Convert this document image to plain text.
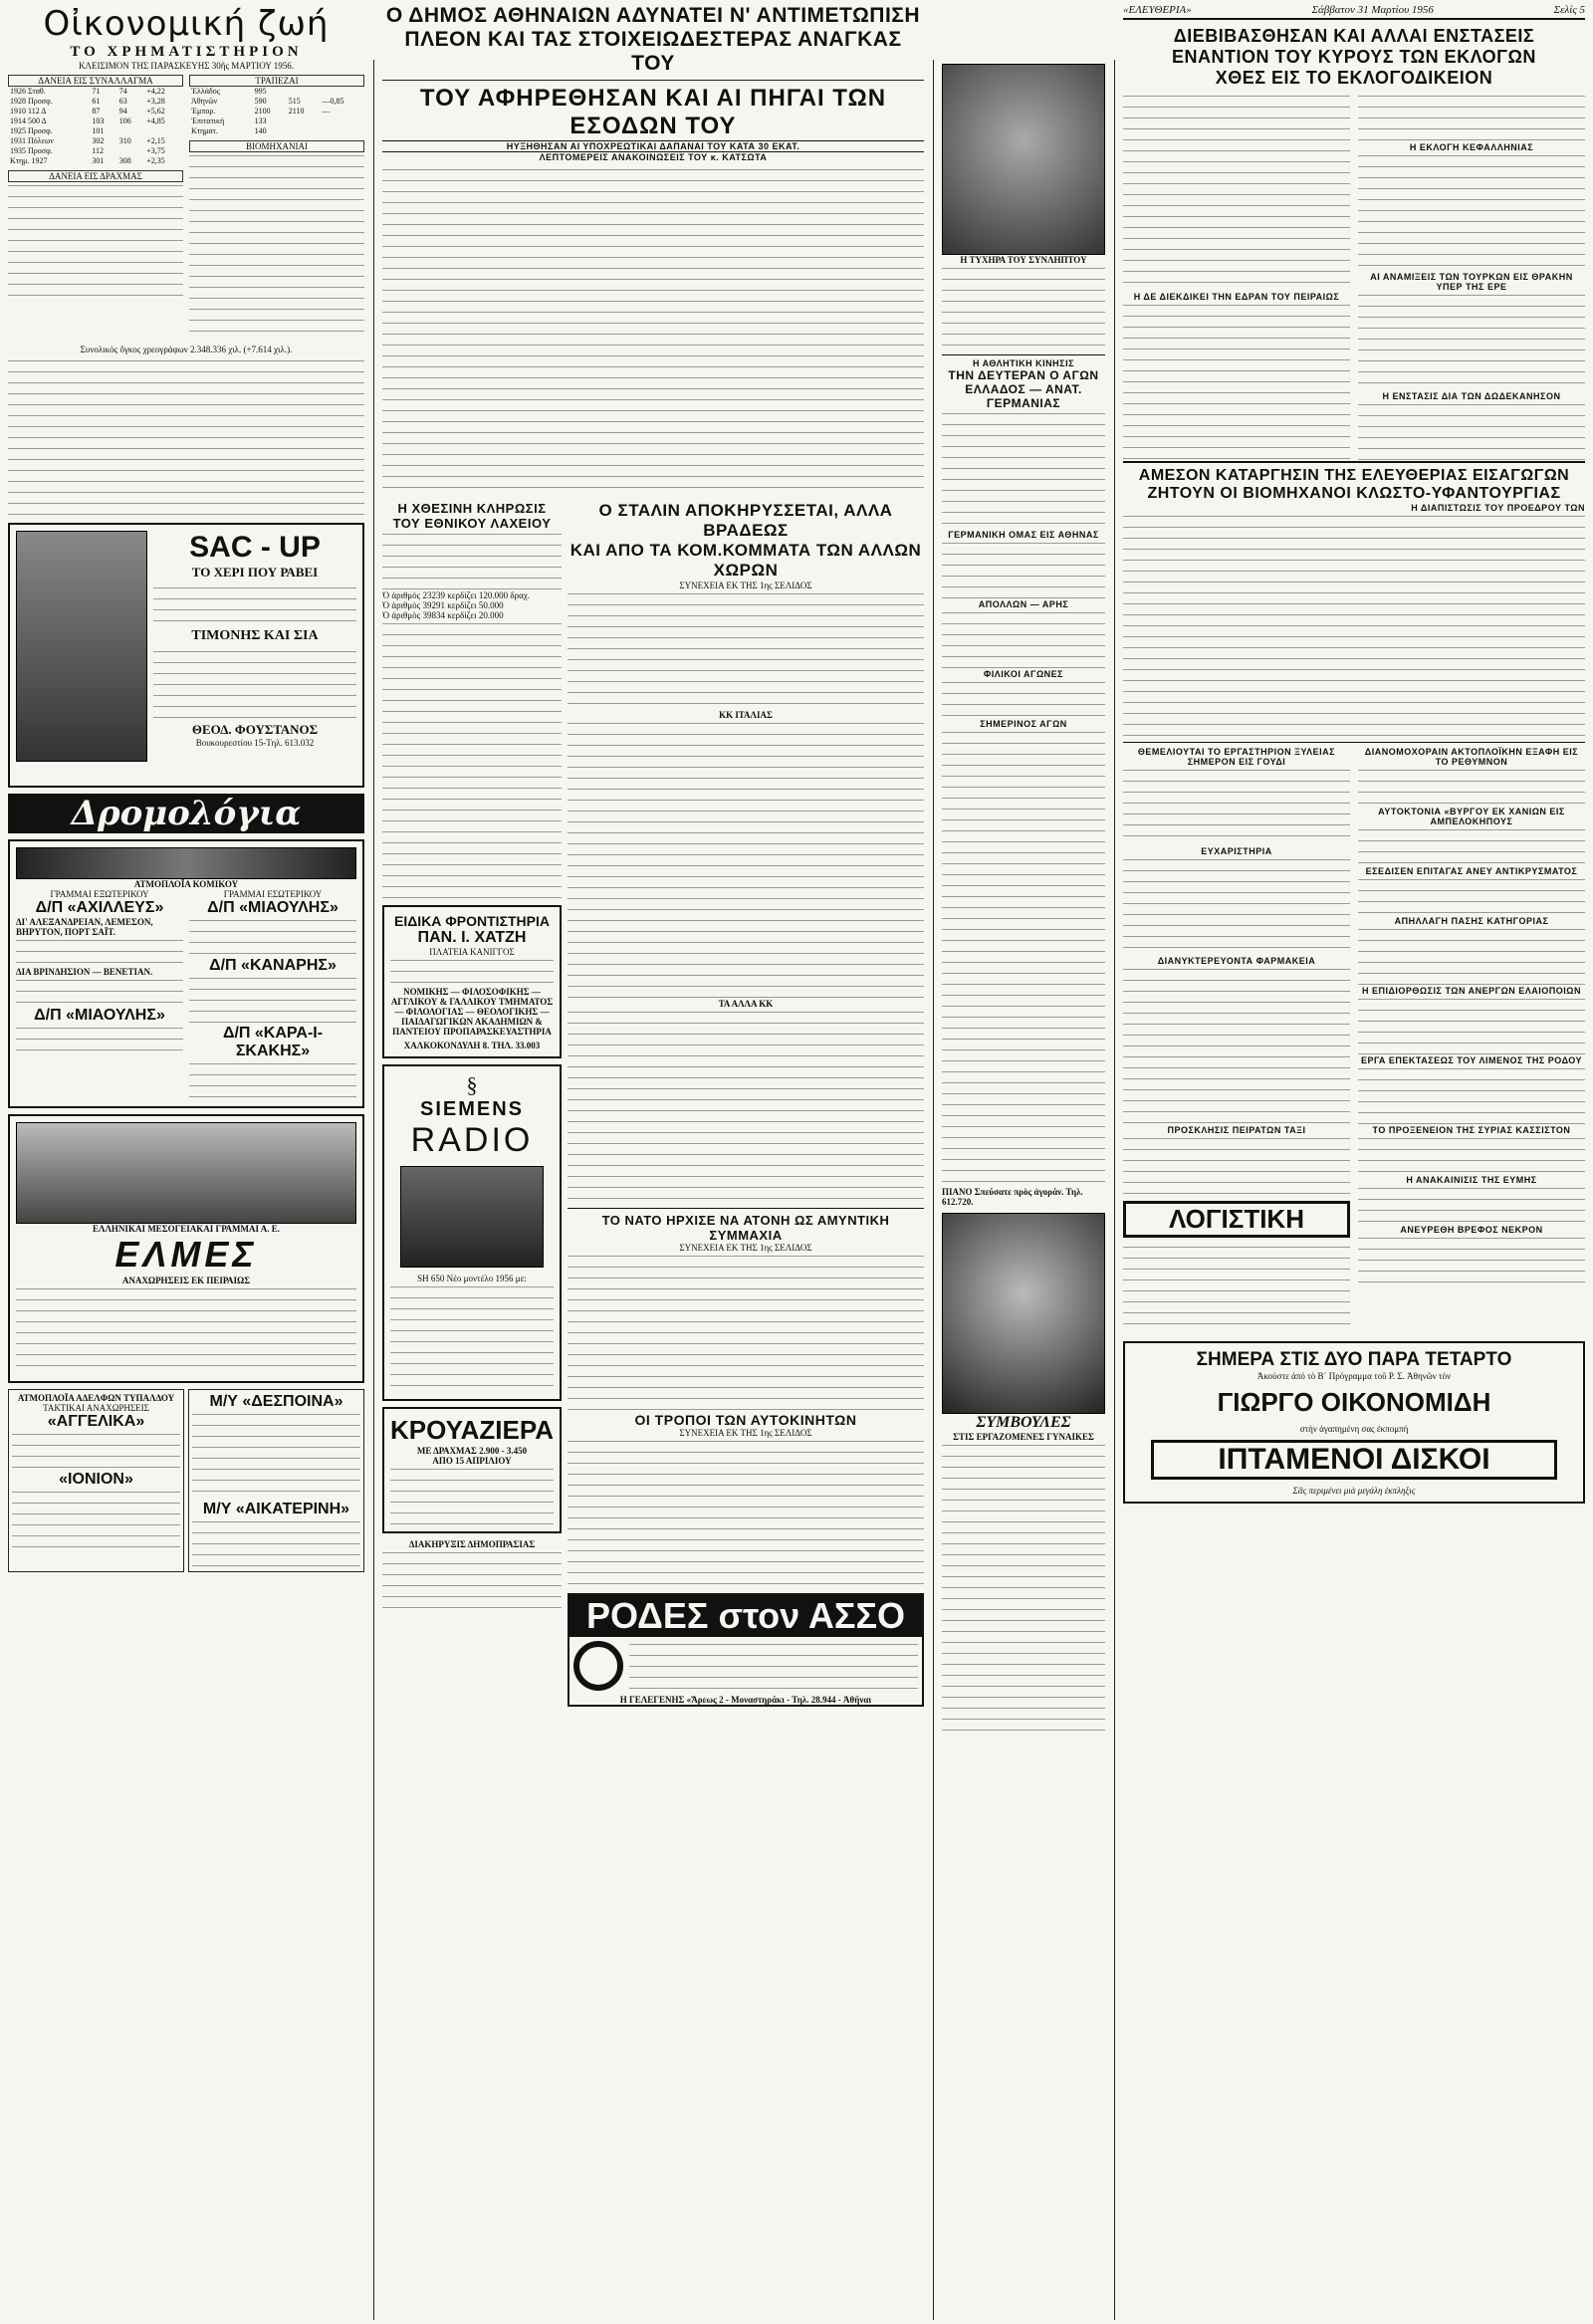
Οἰκονομική ζωή
ΤΟ ΧΡΗΜΑΤΙΣΤΗΡΙΟΝ
ΚΛΕΙΣΙΜΟΝ ΤΗΣ ΠΑΡΑΣΚΕΥΗΣ 30ῆς ΜΑΡΤΙΟΥ 1956.
ΔΑΝΕΙΑ ΕΙΣ ΣΥΝΑΛΛΑΓΜΑ
1926 Σταθ.	71	74	+4,22
1928 Προσφ.	61	63	+3,28
1910 112 Δ	87	94	+5,62
1914 500 Δ	103	106	+4,85
1925 Προσφ.	101		
1931 Πόλεων	302	310	+2,15
1935 Προσφ.	112		+3,75
Κτημ. 1927	301	308	+2,35
ΔΑΝΕΙΑ ΕΙΣ ΔΡΑΧΜΑΣ
ΤΡΑΠΕΖΑΙ
Ἑλλάδος	995		
Ἀθηνῶν	590	515	—0,85
Ἐμπορ.	2100	2110	—
Ἐπιτατική	133		
Κτηματ.	140		
ΒΙΟΜΗΧΑΝΙΑΙ
Συνολικὸς ὄγκος χρεογράφων 2.348.336 χιλ. (+7.614 χιλ.).
SAC - UP
ΤΟ ΧΕΡΙ ΠΟΥ ΡΑΒΕΙ
ΤΙΜΟΝΗΣ ΚΑΙ ΣΙΑ
ΘΕΟΔ. ΦΟΥΣΤΑΝΟΣ
Βουκουρεστίου 15-Τηλ. 613.032
Δρομολόγια
ΑΤΜΟΠΛΟΪΑ ΚΟΜΙΚΟΥ
ΓΡΑΜΜΑΙ ΕΞΩΤΕΡΙΚΟΥ
Δ/Π «ΑΧΙΛΛΕΥΣ»
ΔΙ' ΑΛΕΞΑΝΔΡΕΙΑΝ, ΛΕΜΕΣΟΝ, ΒΗΡΥΤΟΝ, ΠΟΡΤ ΣΑΪΤ.
ΔΙΑ ΒΡΙΝΔΗΣΙΟΝ — ΒΕΝΕΤΙΑΝ.
Δ/Π «ΜΙΑΟΥΛΗΣ»
ΓΡΑΜΜΑΙ ΕΣΩΤΕΡΙΚΟΥ
Δ/Π «ΜΙΑΟΥΛΗΣ»
Δ/Π «ΚΑΝΑΡΗΣ»
Δ/Π «ΚΑΡΑ-Ι-ΣΚΑΚΗΣ»
ΕΛΛΗΝΙΚΑΙ ΜΕΣΟΓΕΙΑΚΑΙ ΓΡΑΜΜΑΙ Α. Ε.
ΕΛΜΕΣ
ΑΝΑΧΩΡΗΣΕΙΣ ΕΚ ΠΕΙΡΑΙΩΣ
ΑΤΜΟΠΛΟΪΑ ΑΔΕΛΦΩΝ ΤΥΠΑΛΔΟΥ
ΤΑΚΤΙΚΑΙ ΑΝΑΧΩΡΗΣΕΙΣ
«ΑΓΓΕΛΙΚΑ»
«ΙΟΝΙΟΝ»
Μ/Υ «ΔΕΣΠΟΙΝΑ»
Μ/Υ «ΑΙΚΑΤΕΡΙΝΗ»
Ο ΔΗΜΟΣ ΑΘΗΝΑΙΩΝ ΑΔΥΝΑΤΕΙ Ν' ΑΝΤΙΜΕΤΩΠΙΣΗ
ΠΛΕΟΝ ΚΑΙ ΤΑΣ ΣΤΟΙΧΕΙΩΔΕΣΤΕΡΑΣ ΑΝΑΓΚΑΣ ΤΟΥ
ΤΟΥ ΑΦΗΡΕΘΗΣΑΝ ΚΑΙ ΑΙ ΠΗΓΑΙ ΤΩΝ ΕΣΟΔΩΝ ΤΟΥ
ΗΥΞΗΘΗΣΑΝ ΑΙ ΥΠΟΧΡΕΩΤΙΚΑΙ ΔΑΠΑΝΑΙ ΤΟΥ ΚΑΤΑ 30 ΕΚΑΤ.
ΛΕΠΤΟΜΕΡΕΙΣ ΑΝΑΚΟΙΝΩΣΕΙΣ ΤΟΥ κ. ΚΑΤΣΩΤΑ
Η ΧΘΕΣΙΝΗ ΚΛΗΡΩΣΙΣ ΤΟΥ ΕΘΝΙΚΟΥ ΛΑΧΕΙΟΥ
Ὁ ἀριθμὸς 23239 κερδίζει 120.000 δραχ.
Ὁ ἀριθμὸς 39291 κερδίζει 50.000
Ὁ ἀριθμὸς 39834 κερδίζει 20.000
ΕΙΔΙΚΑ ΦΡΟΝΤΙΣΤΗΡΙΑ
ΠΑΝ. Ι. ΧΑΤΖΗ
ΠΛΑΤΕΙΑ ΚΑΝΙΓΓΟΣ
ΝΟΜΙΚΗΣ — ΦΙΛΟΣΟΦΙΚΗΣ — ΑΓΓΛΙΚΟΥ & ΓΑΛΛΙΚΟΥ ΤΜΗΜΑΤΟΣ — ΦΙΛΟΛΟΓΙΑΣ — ΘΕΟΛΟΓΙΚΗΣ — ΠΑΙΔΑΓΩΓΙΚΩΝ ΑΚΑΔΗΜΙΩΝ & ΠΑΝΤΕΙΟΥ ΠΡΟΠΑΡΑΣΚΕΥΑΣΤΗΡΙΑ
ΧΑΛΚΟΚΟΝΔΥΛΗ 8. ΤΗΛ. 33.003
§
SIEMENS
RADIO
SH 650 Νέο μοντέλο 1956 με:
ΚΡΟΥΑΖΙΕΡΑ
ΜΕ ΔΡΑΧΜΑΣ 2.900 - 3.450
ΑΠΟ 15 ΑΠΡΙΛΙΟΥ
ΔΙΑΚΗΡΥΞΙΣ ΔΗΜΟΠΡΑΣΙΑΣ
Ο ΣΤΑΛΙΝ ΑΠΟΚΗΡΥΣΣΕΤΑΙ, ΑΛΛΑ ΒΡΑΔΕΩΣ
ΚΑΙ ΑΠΟ ΤΑ ΚΟΜ.ΚΟΜΜΑΤΑ ΤΩΝ ΑΛΛΩΝ ΧΩΡΩΝ
ΣΥΝΕΧΕΙΑ ΕΚ ΤΗΣ 1ης ΣΕΛΙΔΟΣ
ΚΚ ΙΤΑΛΙΑΣ
ΤΑ ΑΛΛΑ ΚΚ
ΤΟ ΝΑΤΟ ΗΡΧΙΣΕ ΝΑ ΑΤΟΝΗ ΩΣ ΑΜΥΝΤΙΚΗ ΣΥΜΜΑΧΙΑ
ΣΥΝΕΧΕΙΑ ΕΚ ΤΗΣ 1ης ΣΕΛΙΔΟΣ
ΟΙ ΤΡΟΠΟΙ ΤΩΝ ΑΥΤΟΚΙΝΗΤΩΝ
ΣΥΝΕΧΕΙΑ ΕΚ ΤΗΣ 1ης ΣΕΛΙΔΟΣ
ΡΟΔΕΣ στον ΑΣΣΟ
Η ΓΕΛΕΓΕΝΗΣ «Ἄρεως 2 - Μοναστηράκι - Τηλ. 28.944 - Ἀθῆναι
Η ΤΥΧΗΡΑ ΤΟΥ ΣΥΝΛΗΠΤΟΥ
Η ΑΘΛΗΤΙΚΗ ΚΙΝΗΣΙΣ
ΤΗΝ ΔΕΥΤΕΡΑΝ Ο ΑΓΩΝ ΕΛΛΑΔΟΣ — ΑΝΑΤ. ΓΕΡΜΑΝΙΑΣ
ΓΕΡΜΑΝΙΚΗ ΟΜΑΣ ΕΙΣ ΑΘΗΝΑΣ
ΑΠΟΛΛΩΝ — ΑΡΗΣ
ΦΙΛΙΚΟΙ ΑΓΩΝΕΣ
ΣΗΜΕΡΙΝΟΣ ΑΓΩΝ
ΠΙΑΝΟ Σπεύσατε πρὸς ἀγοράν. Τηλ. 612.720.
ΣΥΜΒΟΥΛΕΣ
ΣΤΙΣ ΕΡΓΑΖΟΜΕΝΕΣ ΓΥΝΑΙΚΕΣ
«ΕΛΕΥΘΕΡΙΑ»	Σάββατον 31 Μαρτίου 1956	Σελίς 5
ΔΙΕΒΙΒΑΣΘΗΣΑΝ ΚΑΙ ΑΛΛΑΙ ΕΝΣΤΑΣΕΙΣ
ΕΝΑΝΤΙΟΝ ΤΟΥ ΚΥΡΟΥΣ ΤΩΝ ΕΚΛΟΓΩΝ
ΧΘΕΣ ΕΙΣ ΤΟ ΕΚΛΟΓΟΔΙΚΕΙΟΝ
Η ΔΕ ΔΙΕΚΔΙΚΕΙ ΤΗΝ ΕΔΡΑΝ ΤΟΥ ΠΕΙΡΑΙΩΣ
Η ΕΚΛΟΓΗ ΚΕΦΑΛΛΗΝΙΑΣ
ΑΙ ΑΝΑΜΙΞΕΙΣ ΤΩΝ ΤΟΥΡΚΩΝ ΕΙΣ ΘΡΑΚΗΝ ΥΠΕΡ ΤΗΣ ΕΡΕ
Η ΕΝΣΤΑΣΙΣ ΔΙΑ ΤΩΝ ΔΩΔΕΚΑΝΗΣΟΝ
ΑΜΕΣΟΝ ΚΑΤΑΡΓΗΣΙΝ ΤΗΣ ΕΛΕΥΘΕΡΙΑΣ ΕΙΣΑΓΩΓΩΝ
ΖΗΤΟΥΝ ΟΙ ΒΙΟΜΗΧΑΝΟΙ ΚΛΩΣΤΟ-ΥΦΑΝΤΟΥΡΓΙΑΣ
Η ΔΙΑΠΙΣΤΩΣΙΣ ΤΟΥ ΠΡΟΕΔΡΟΥ ΤΩΝ
ΘΕΜΕΛΙΟΥΤΑΙ ΤΟ ΕΡΓΑΣΤΗΡΙΟΝ ΞΥΛΕΙΑΣ ΣΗΜΕΡΟΝ ΕΙΣ ΓΟΥΔΙ
ΕΥΧΑΡΙΣΤΗΡΙΑ
ΔΙΑΝΥΚΤΕΡΕΥΟΝΤΑ ΦΑΡΜΑΚΕΙΑ
ΠΡΟΣΚΛΗΣΙΣ ΠΕΙΡΑΤΩΝ ΤΑΞΙ
ΛΟΓΙΣΤΙΚΗ
ΔΙΑΝΟΜΟΧΟΡΑΙΝ ΑΚΤΟΠΛΟΪΚΗΝ ΕΞΑΦΗ ΕΙΣ ΤΟ ΡΕΘΥΜΝΟΝ
ΑΥΤΟΚΤΟΝΙΑ «ΒΥΡΓΟΥ ΕΚ ΧΑΝΙΩΝ ΕΙΣ ΑΜΠΕΛΟΚΗΠΟΥΣ
ΕΣΕΔΙΣΕΝ ΕΠΙΤΑΓΑΣ ΑΝΕΥ ΑΝΤΙΚΡΥΣΜΑΤΟΣ
ΑΠΗΛΛΑΓΗ ΠΑΣΗΣ ΚΑΤΗΓΟΡΙΑΣ
Η ΕΠΙΔΙΟΡΘΩΣΙΣ ΤΩΝ ΑΝΕΡΓΩΝ ΕΛΑΙΟΠΟΙΩΝ
ΕΡΓΑ ΕΠΕΚΤΑΣΕΩΣ ΤΟΥ ΛΙΜΕΝΟΣ ΤΗΣ ΡΟΔΟΥ
ΤΟ ΠΡΟΞΕΝΕΙΟΝ ΤΗΣ ΣΥΡΙΑΣ ΚΑΣΣΙΣΤΟΝ
Η ΑΝΑΚΑΙΝΙΣΙΣ ΤΗΣ ΕΥΜΗΣ
ΑΝΕΥΡΕΘΗ ΒΡΕΦΟΣ ΝΕΚΡΟΝ
ΣΗΜΕΡΑ ΣΤΙΣ ΔΥΟ ΠΑΡΑ ΤΕΤΑΡΤΟ
Ἀκούστε ἀπό τὸ Β΄ Πρόγραμμα τοῦ Ρ. Σ. Ἀθηνῶν τὸν
ΓΙΩΡΓΟ ΟΙΚΟΝΟΜΙΔΗ
στὴν ἀγαπημένη σας ἐκπομπή
ΙΠΤΑΜΕΝΟΙ ΔΙΣΚΟΙ
Σᾶς περιμένει μιὰ μεγάλη ἐκπληξις
